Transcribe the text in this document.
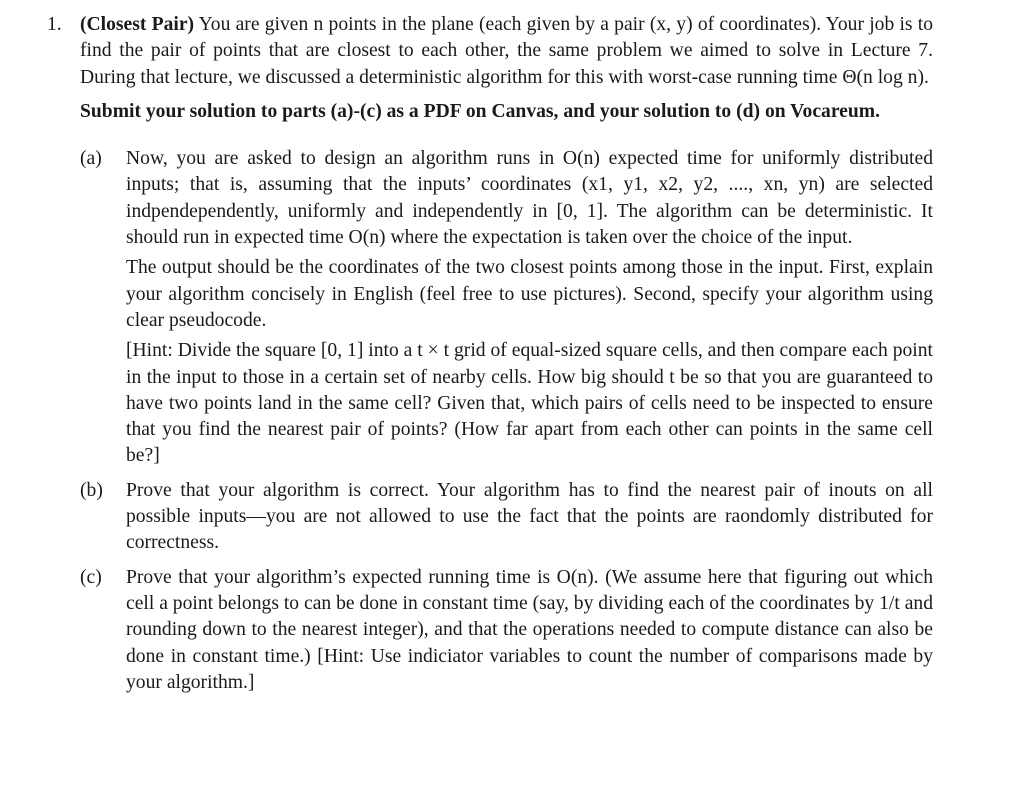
1. (Closest Pair) You are given n points in the plane (each given by a pair (x, y) of coordinates). Your job is to find the pair of points that are closest to each other, the same problem we aimed to solve in Lecture 7. During that lecture, we discussed a deterministic algorithm for this with worst-case running time Θ(n log n).

Submit your solution to parts (a)-(c) as a PDF on Canvas, and your solution to (d) on Vocareum.

(a) Now, you are asked to design an algorithm runs in O(n) expected time for uniformly distributed inputs; that is, assuming that the inputs’ coordinates (x1, y1, x2, y2, ...., xn, yn) are selected indpendependently, uniformly and independently in [0, 1]. The algorithm can be deterministic. It should run in expected time O(n) where the expectation is taken over the choice of the input.

The output should be the coordinates of the two closest points among those in the input. First, explain your algorithm concisely in English (feel free to use pictures). Second, specify your algorithm using clear pseudocode.

[Hint: Divide the square [0, 1] into a t × t grid of equal-sized square cells, and then compare each point in the input to those in a certain set of nearby cells. How big should t be so that you are guaranteed to have two points land in the same cell? Given that, which pairs of cells need to be inspected to ensure that you find the nearest pair of points? (How far apart from each other can points in the same cell be?]

(b) Prove that your algorithm is correct. Your algorithm has to find the nearest pair of inouts on all possible inputs—you are not allowed to use the fact that the points are raondomly distributed for correctness.

(c) Prove that your algorithm’s expected running time is O(n). (We assume here that figuring out which cell a point belongs to can be done in constant time (say, by dividing each of the coordinates by 1/t and rounding down to the nearest integer), and that the operations needed to compute distance can also be done in constant time.) [Hint: Use indiciator variables to count the number of comparisons made by your algorithm.]
